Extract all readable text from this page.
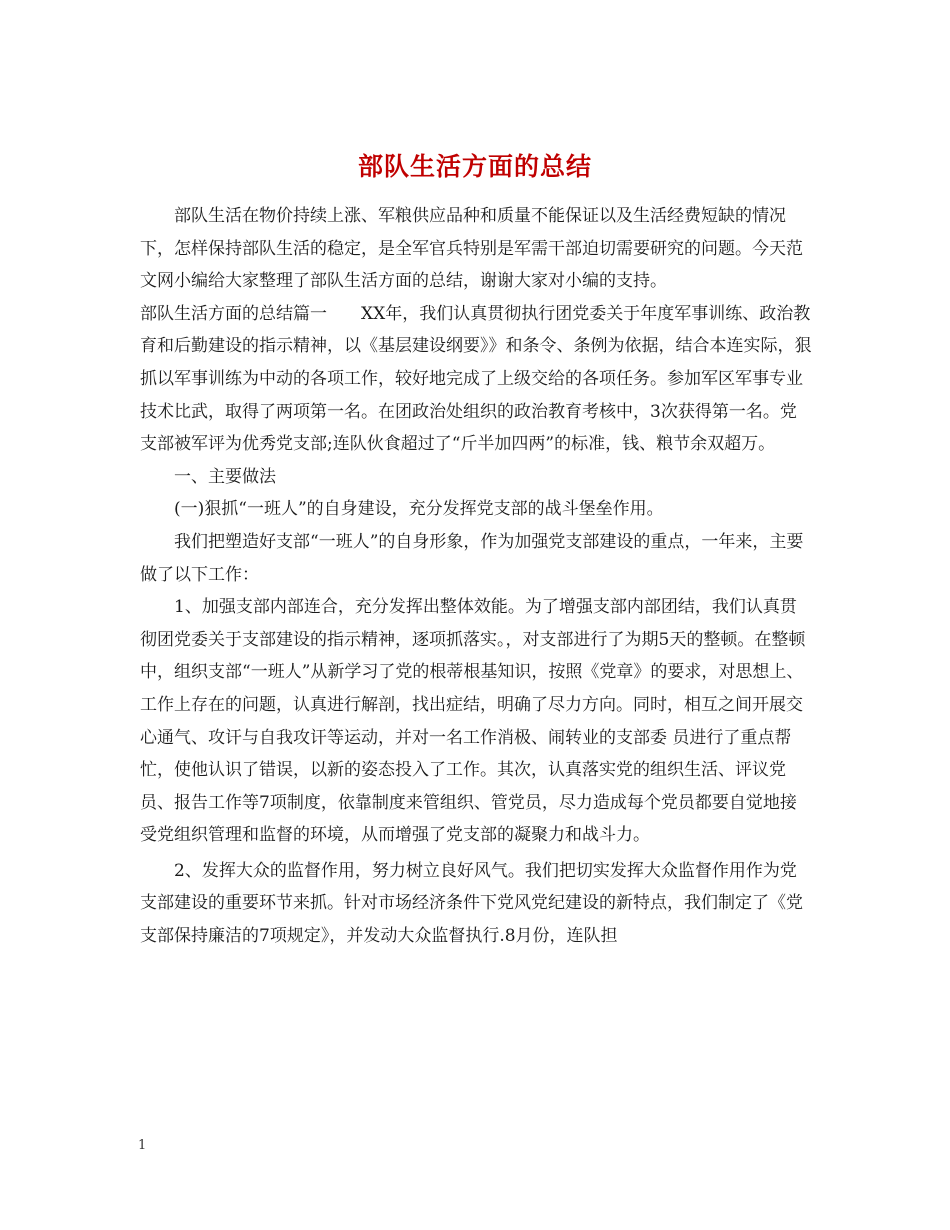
部队生活方面的总结

部队生活在物价持续上涨、军粮供应品种和质量不能保证以及生活经费短缺的情况下，怎样保持部队生活的稳定，是全军官兵特别是军需干部迫切需要研究的问题。今天范文网小编给大家整理了部队生活方面的总结，谢谢大家对小编的支持。

部队生活方面的总结篇一　　XX年，我们认真贯彻执行团党委关于年度军事训练、政治教育和后勤建设的指示精神，以《基层建设纲要》》和条令、条例为依据，结合本连实际，狠抓以军事训练为中动的各项工作，较好地完成了上级交给的各项任务。参加军区军事专业技术比武，取得了两项第一名。在团政治处组织的政治教育考核中，3次获得第一名。党支部被军评为优秀党支部;连队伙食超过了“斤半加四两”的标准，钱、粮节余双超万。

一、主要做法

(一)狠抓“一班人”的自身建设，充分发挥党支部的战斗堡垒作用。

我们把塑造好支部“一班人”的自身形象，作为加强党支部建设的重点，一年来，主要做了以下工作：

1、加强支部内部连合，充分发挥出整体效能。为了增强支部内部团结，我们认真贯彻团党委关于支部建设的指示精神，逐项抓落实。，对支部进行了为期5天的整顿。在整顿中，组织支部“一班人”从新学习了党的根蒂根基知识，按照《党章》的要求，对思想上、工作上存在的问题，认真进行解剖，找出症结，明确了尽力方向。同时，相互之间开展交心通气、攻讦与自我攻讦等运动，并对一名工作消极、闹转业的支部委 员进行了重点帮忙，使他认识了错误，以新的姿态投入了工作。其次，认真落实党的组织生活、评议党员、报告工作等7项制度，依靠制度来管组织、管党员，尽力造成每个党员都要自觉地接受党组织管理和监督的环境，从而增强了党支部的凝聚力和战斗力。

2、发挥大众的监督作用，努力树立良好风气。我们把切实发挥大众监督作用作为党支部建设的重要环节来抓。针对市场经济条件下党风党纪建设的新特点，我们制定了《党支部保持廉洁的7项规定》，并发动大众监督执行.8月份，连队担

1
